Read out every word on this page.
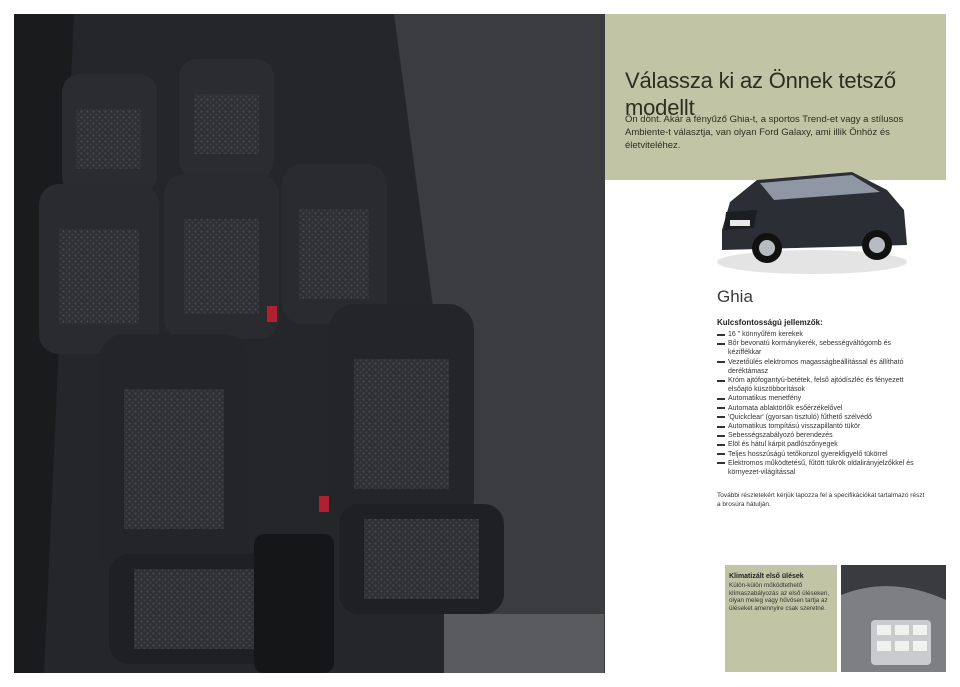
Válassza ki az Önnek tetsző modellt

Ön dönt. Akár a fényűző Ghia-t, a sportos Trend-et vagy a stílusos Ambiente-t választja, van olyan Ford Galaxy, ami illik Önhöz és életviteléhez.

Ghia
Kulcsfontosságú jellemzők:
16 " könnyűfém kerekek
Bőr bevonatú kormánykerék, sebességváltógomb és kéziffékkar
Vezetőülés elektromos magasságbeállítással és állítható deréktámasz
Króm ajtófogantyú-betétek, felső ajtódíszléc és fényezett elsőajtó küszöbborítások
Automatikus menetfény
Automata ablaktörlők esőérzékelővel
'Quickclear' (gyorsan tisztuló) fűthető szélvédő
Automatikus tompítású visszapillantó tükör
Sebességszabályozó berendezés
Elöl és hátul kárpit padlószőnyegek
Teljes hosszúságú tetőkonzol gyerekfigyelő tükörrel
Elektromos működtetésű, fűtött tükrök oldalirányjelzőkkel és környezet-világítással

További részletekért kérjük lapozza fel a specifikációkat tartalmazó részt a brosúra hátulján.

Klimatizált első ülések

Külön-külön működtethető klímaszabályozás az első üléseken, olyan meleg vagy hűvösen tartja az üléseket amennyire csak szeretné.
